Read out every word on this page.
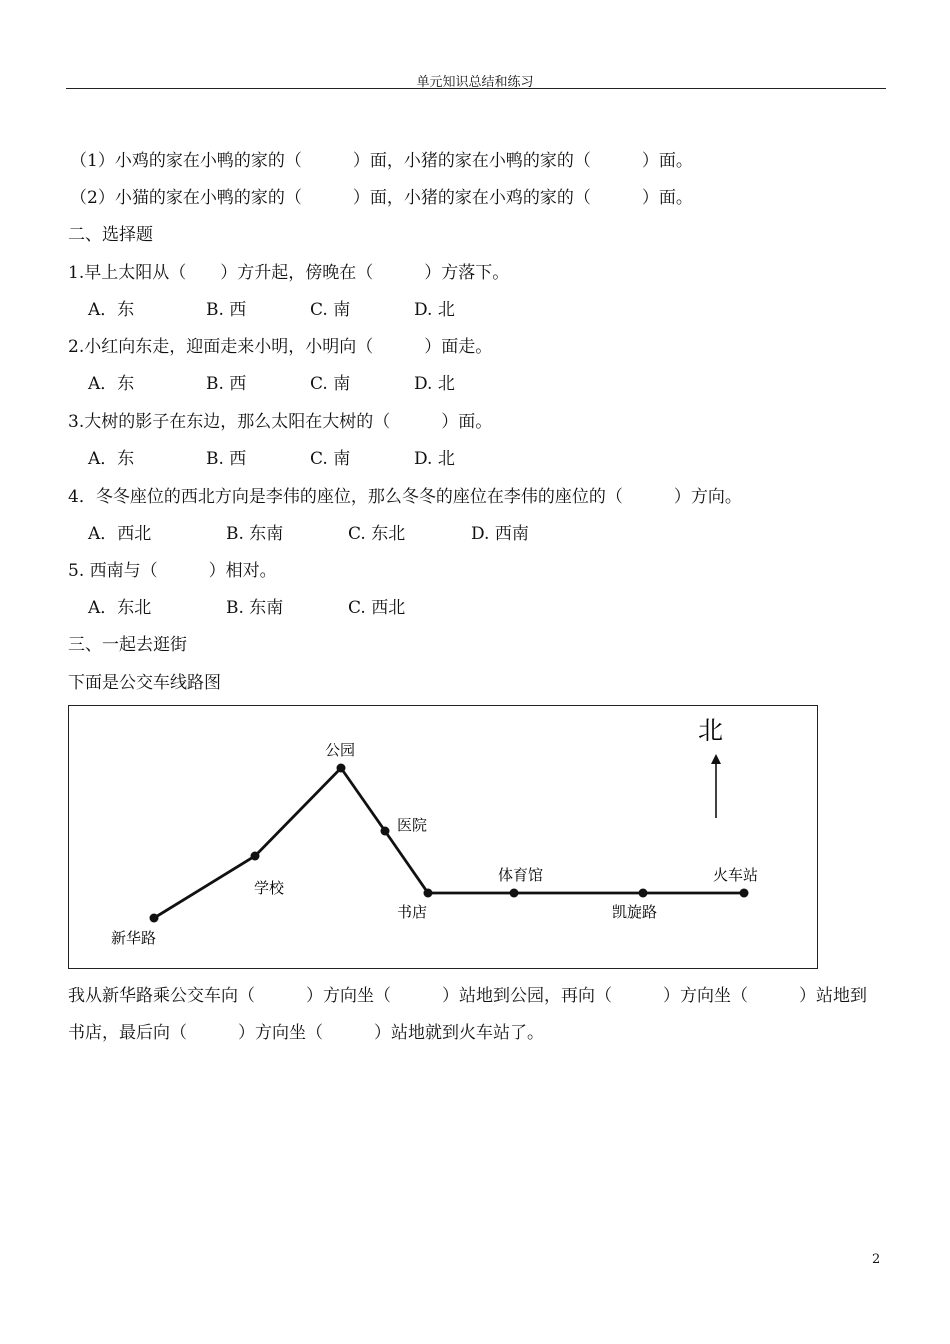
单元知识总结和练习
（1）小鸡的家在小鸭的家的（　　　）面，小猪的家在小鸭的家的（　　　）面。
（2）小猫的家在小鸭的家的（　　　）面，小猪的家在小鸡的家的（　　　）面。
二、选择题
1.早上太阳从（　　）方升起，傍晚在（　　　）方落下。
A．东	B. 西	C. 南	D. 北
2.小红向东走，迎面走来小明，小明向（　　　）面走。
A．东	B. 西	C. 南	D. 北
3.大树的影子在东边，那么太阳在大树的（　　　）面。
A．东	B. 西	C. 南	D. 北
4．冬冬座位的西北方向是李伟的座位，那么冬冬的座位在李伟的座位的（　　　）方向。
A．西北	B. 东南	C. 东北	D. 西南
5. 西南与（　　　）相对。
A．东北	B. 东南	C. 西北
三、一起去逛街
下面是公交车线路图
新华路
学校
公园
医院
书店
体育馆
凯旋路
火车站
北
我从新华路乘公交车向（　　　）方向坐（　　　）站地到公园，再向（　　　）方向坐（　　　）站地到
书店，最后向（　　　）方向坐（　　　）站地就到火车站了。
2
